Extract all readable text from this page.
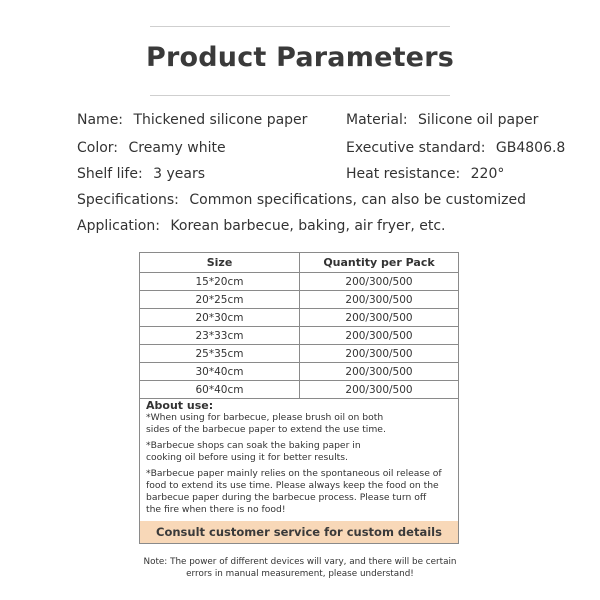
Product Parameters
Name: Thickened silicone paper	Material: Silicone oil paper
Color: Creamy white	Executive standard: GB4806.8
Shelf life: 3 years	Heat resistance: 220°
Specifications: Common specifications, can also be customized
Application: Korean barbecue, baking, air fryer, etc.
Size	Quantity per Pack
15*20cm	200/300/500
20*25cm	200/300/500
20*30cm	200/300/500
23*33cm	200/300/500
25*35cm	200/300/500
30*40cm	200/300/500
60*40cm	200/300/500
About use:
*When using for barbecue, please brush oil on both
sides of the barbecue paper to extend the use time.
*Barbecue shops can soak the baking paper in
cooking oil before using it for better results.
*Barbecue paper mainly relies on the spontaneous oil release of
food to extend its use time. Please always keep the food on the
barbecue paper during the barbecue process. Please turn off
the fire when there is no food!
Consult customer service for custom details
Note: The power of different devices will vary, and there will be certain
errors in manual measurement, please understand!
